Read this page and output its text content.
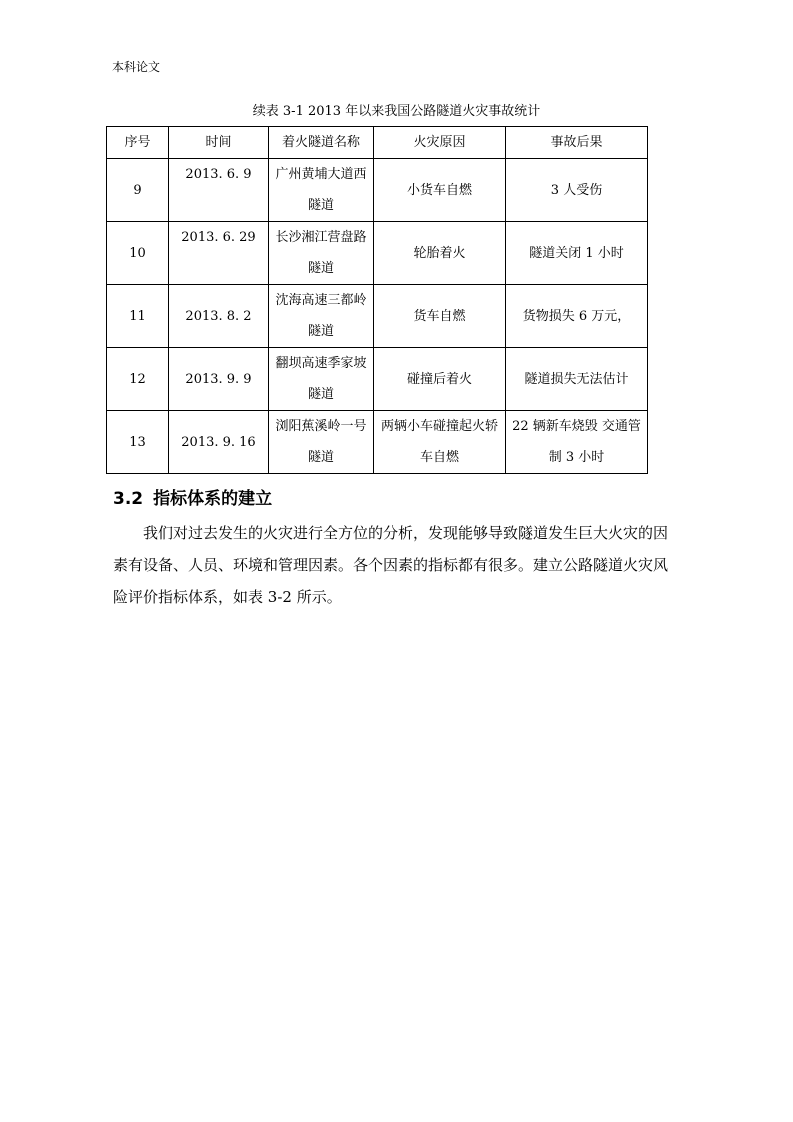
本科论文
续表 3-1 2013 年以来我国公路隧道火灾事故统计
序号	时间	着火隧道名称	火灾原因	事故后果
9	2013. 6. 9	广州黄埔大道西隧道	小货车自燃	3 人受伤
10	2013. 6. 29	长沙湘江营盘路隧道	轮胎着火	隧道关闭 1 小时
11	2013. 8. 2	沈海高速三都岭隧道	货车自燃	货物损失 6 万元，
12	2013. 9. 9	翻坝高速季家坡隧道	碰撞后着火	隧道损失无法估计
13	2013. 9. 16	浏阳蕉溪岭一号隧道	两辆小车碰撞起火轿车自燃	22 辆新车烧毁 交通管制 3 小时
3.2 指标体系的建立

我们对过去发生的火灾进行全方位的分析，发现能够导致隧道发生巨大火灾的因素有设备、人员、环境和管理因素。各个因素的指标都有很多。建立公路隧道火灾风险评价指标体系，如表 3-2 所示。
